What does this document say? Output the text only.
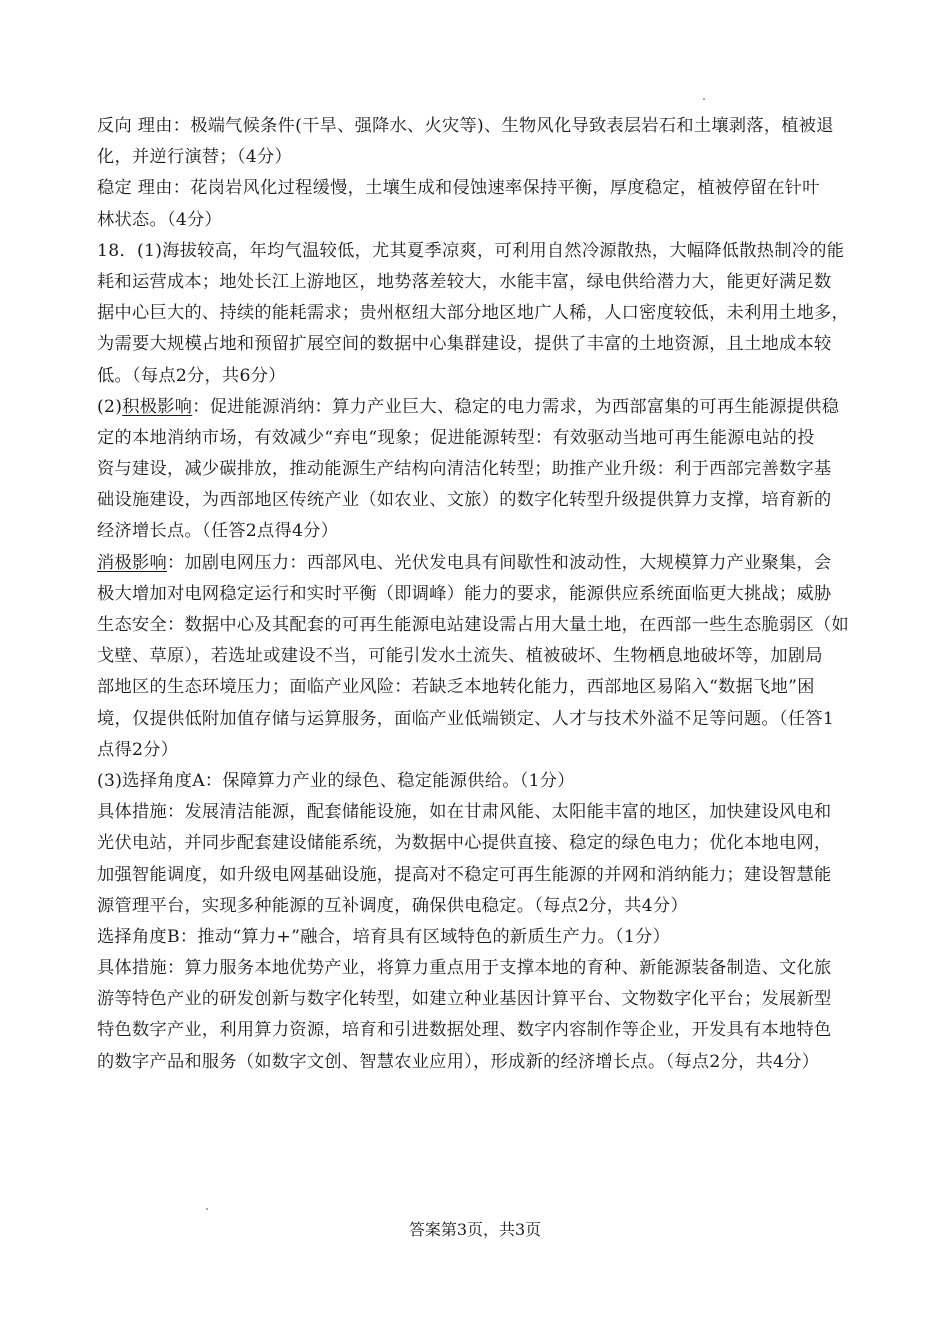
反向 理由：极端气候条件(干旱、强降水、火灾等)、生物风化导致表层岩石和土壤剥落，植被退
化，并逆行演替；（4分）
稳定 理由：花岗岩风化过程缓慢，土壤生成和侵蚀速率保持平衡，厚度稳定，植被停留在针叶
林状态。（4分）
18．(1)海拔较高，年均气温较低，尤其夏季凉爽，可利用自然冷源散热，大幅降低散热制冷的能
耗和运营成本；地处长江上游地区，地势落差较大，水能丰富，绿电供给潜力大，能更好满足数
据中心巨大的、持续的能耗需求；贵州枢纽大部分地区地广人稀，人口密度较低，未利用土地多，
为需要大规模占地和预留扩展空间的数据中心集群建设，提供了丰富的土地资源，且土地成本较
低。（每点2分，共6分）
(2)积极影响：促进能源消纳：算力产业巨大、稳定的电力需求，为西部富集的可再生能源提供稳
定的本地消纳市场，有效减少“弃电“现象；促进能源转型：有效驱动当地可再生能源电站的投
资与建设，减少碳排放，推动能源生产结构向清洁化转型；助推产业升级：利于西部完善数字基
础设施建设，为西部地区传统产业（如农业、文旅）的数字化转型升级提供算力支撑，培育新的
经济增长点。（任答2点得4分）
消极影响：加剧电网压力：西部风电、光伏发电具有间歇性和波动性，大规模算力产业聚集，会
极大增加对电网稳定运行和实时平衡（即调峰）能力的要求，能源供应系统面临更大挑战；威胁
生态安全：数据中心及其配套的可再生能源电站建设需占用大量土地，在西部一些生态脆弱区（如
戈壁、草原），若选址或建设不当，可能引发水土流失、植被破坏、生物栖息地破坏等，加剧局
部地区的生态环境压力；面临产业风险：若缺乏本地转化能力，西部地区易陷入“数据飞地”困
境，仅提供低附加值存储与运算服务，面临产业低端锁定、人才与技术外溢不足等问题。（任答1
点得2分）
(3)选择角度A：保障算力产业的绿色、稳定能源供给。（1分）
具体措施：发展清洁能源，配套储能设施，如在甘肃风能、太阳能丰富的地区，加快建设风电和
光伏电站，并同步配套建设储能系统，为数据中心提供直接、稳定的绿色电力；优化本地电网，
加强智能调度，如升级电网基础设施，提高对不稳定可再生能源的并网和消纳能力；建设智慧能
源管理平台，实现多种能源的互补调度，确保供电稳定。（每点2分，共4分）
选择角度B：推动“算力+”融合，培育具有区域特色的新质生产力。（1分）
具体措施：算力服务本地优势产业，将算力重点用于支撑本地的育种、新能源装备制造、文化旅
游等特色产业的研发创新与数字化转型，如建立种业基因计算平台、文物数字化平台；发展新型
特色数字产业，利用算力资源，培育和引进数据处理、数字内容制作等企业，开发具有本地特色
的数字产品和服务（如数字文创、智慧农业应用），形成新的经济增长点。（每点2分，共4分）
答案第3页，共3页
